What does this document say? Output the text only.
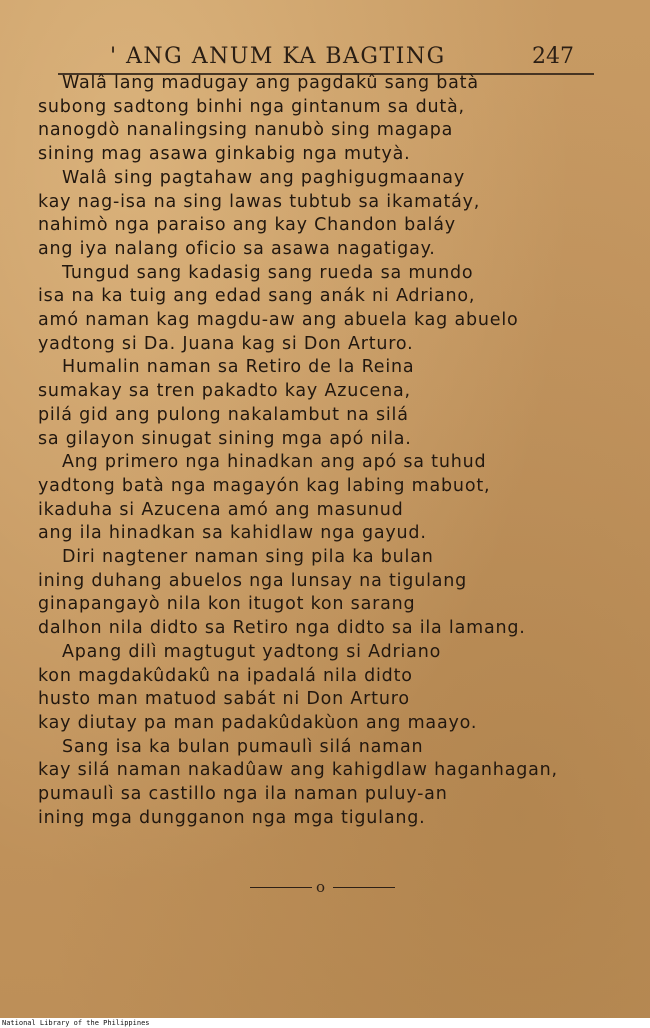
' ANG ANUM KA BAGTING	247
Walâ lang madugay ang pagdakû sang batà
subong sadtong binhi nga gintanum sa dutà,
nanogdò nanalingsing nanubò sing magapa
sining mag asawa ginkabig nga mutyà.
Walâ sing pagtahaw ang paghigugmaanay
kay nag-isa na sing lawas tubtub sa ikamatáy,
nahimò nga paraiso ang kay Chandon baláy
ang iya nalang oficio sa asawa nagatigay.
Tungud sang kadasig sang rueda sa mundo
isa na ka tuig ang edad sang anák ni Adriano,
amó naman kag magdu-aw ang abuela kag abuelo
yadtong si Da. Juana kag si Don Arturo.
Humalin naman sa Retiro de la Reina
sumakay sa tren pakadto kay Azucena,
pilá gid ang pulong nakalambut na silá
sa gilayon sinugat sining mga apó nila.
Ang primero nga hinadkan ang apó sa tuhud
yadtong batà nga magayón kag labing mabuot,
ikaduha si Azucena amó ang masunud
ang ila hinadkan sa kahidlaw nga gayud.
Diri nagtener naman sing pila ka bulan
ining duhang abuelos nga lunsay na tigulang
ginapangayò nila kon itugot kon sarang
dalhon nila didto sa Retiro nga didto sa ila lamang.
Apang dilì magtugut yadtong si Adriano
kon magdakûdakû na ipadalá nila didto
husto man matuod sabát ni Don Arturo
kay diutay pa man padakûdakùon ang maayo.
Sang isa ka bulan pumaulì silá naman
kay silá naman nakadûaw ang kahigdlaw haganhagan,
pumaulì sa castillo nga ila naman puluy-an
ining mga dungganon nga mga tigulang.
o
National Library of the Philippines
